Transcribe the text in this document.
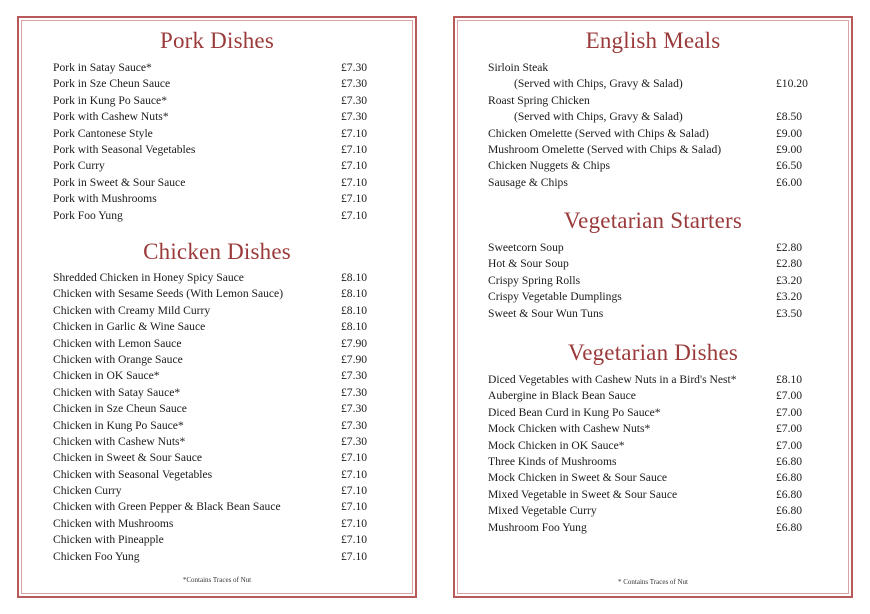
Pork Dishes
Pork in Satay Sauce*	£7.30
Pork in Sze Cheun Sauce	£7.30
Pork in Kung Po Sauce*	£7.30
Pork with Cashew Nuts*	£7.30
Pork Cantonese Style	£7.10
Pork with Seasonal Vegetables	£7.10
Pork Curry	£7.10
Pork in Sweet & Sour Sauce	£7.10
Pork with Mushrooms	£7.10
Pork Foo Yung	£7.10
Chicken Dishes
Shredded Chicken in Honey Spicy Sauce	£8.10
Chicken with Sesame Seeds (With Lemon Sauce)	£8.10
Chicken with Creamy Mild Curry	£8.10
Chicken in Garlic & Wine Sauce	£8.10
Chicken with Lemon Sauce	£7.90
Chicken with Orange Sauce	£7.90
Chicken in OK Sauce*	£7.30
Chicken with Satay Sauce*	£7.30
Chicken in Sze Cheun Sauce	£7.30
Chicken in Kung Po Sauce*	£7.30
Chicken with Cashew Nuts*	£7.30
Chicken in Sweet & Sour Sauce	£7.10
Chicken with Seasonal Vegetables	£7.10
Chicken Curry	£7.10
Chicken with Green Pepper & Black Bean Sauce	£7.10
Chicken with Mushrooms	£7.10
Chicken with Pineapple	£7.10
Chicken Foo Yung	£7.10
*Contains Traces of Nut
English Meals
Sirloin Steak
(Served with Chips, Gravy & Salad)	£10.20
Roast Spring Chicken
(Served with Chips, Gravy & Salad)	£8.50
Chicken Omelette (Served with Chips & Salad)	£9.00
Mushroom Omelette (Served with Chips & Salad)	£9.00
Chicken Nuggets & Chips	£6.50
Sausage & Chips	£6.00
Vegetarian Starters
Sweetcorn Soup	£2.80
Hot & Sour Soup	£2.80
Crispy Spring Rolls	£3.20
Crispy Vegetable Dumplings	£3.20
Sweet & Sour Wun Tuns	£3.50
Vegetarian Dishes
Diced Vegetables with Cashew Nuts in a Bird's Nest*	£8.10
Aubergine in Black Bean Sauce	£7.00
Diced Bean Curd in Kung Po Sauce*	£7.00
Mock Chicken with Cashew Nuts*	£7.00
Mock Chicken in OK Sauce*	£7.00
Three Kinds of Mushrooms	£6.80
Mock Chicken in Sweet & Sour Sauce	£6.80
Mixed Vegetable in Sweet & Sour Sauce	£6.80
Mixed Vegetable Curry	£6.80
Mushroom Foo Yung	£6.80
* Contains Traces of Nut
